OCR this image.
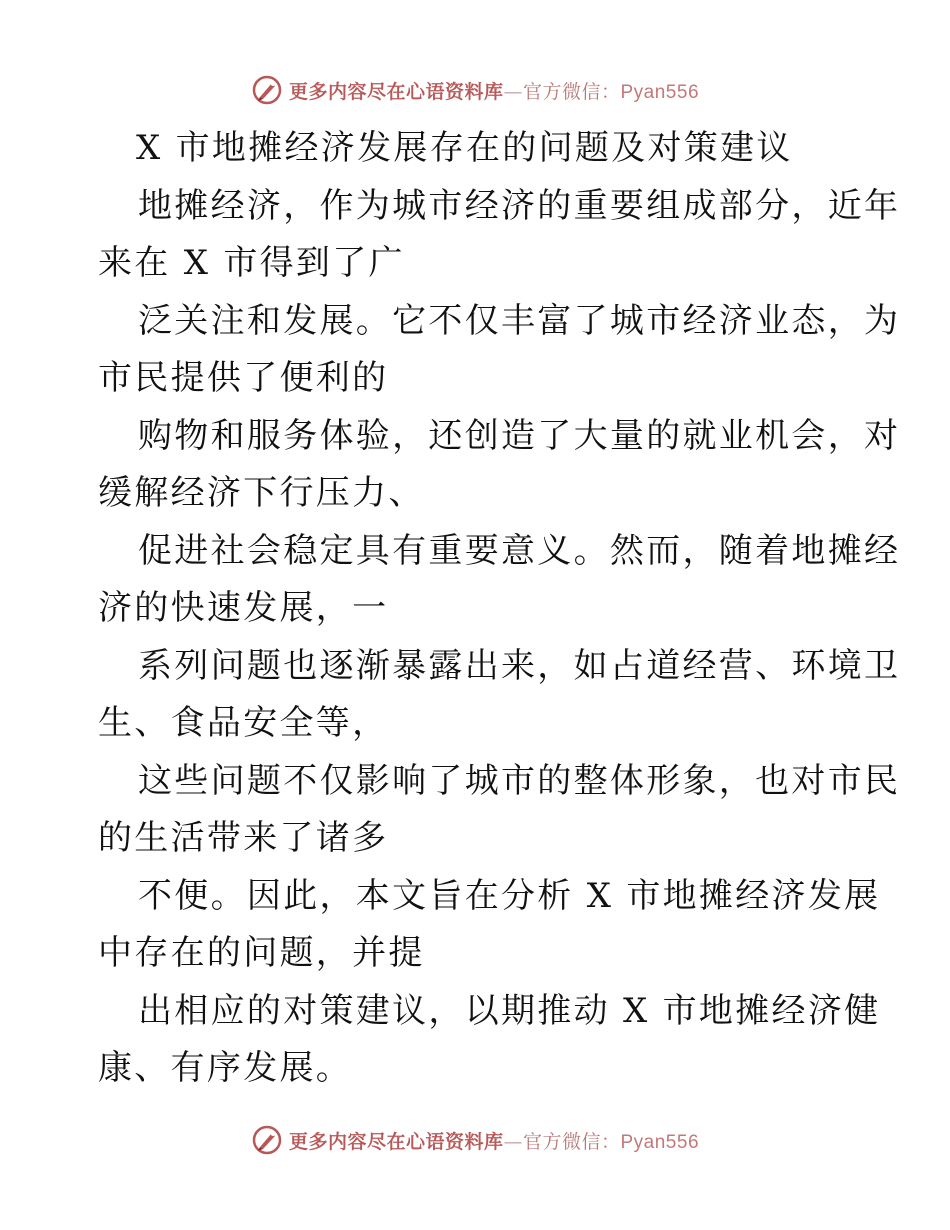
更多内容尽在心语资料库—官方微信：Pyan556
X 市地摊经济发展存在的问题及对策建议
地摊经济，作为城市经济的重要组成部分，近年
来在 X 市得到了广
泛关注和发展。它不仅丰富了城市经济业态，为
市民提供了便利的
购物和服务体验，还创造了大量的就业机会，对
缓解经济下行压力、
促进社会稳定具有重要意义。然而，随着地摊经
济的快速发展，一
系列问题也逐渐暴露出来，如占道经营、环境卫
生、食品安全等，
这些问题不仅影响了城市的整体形象，也对市民
的生活带来了诸多
不便。因此，本文旨在分析 X 市地摊经济发展
中存在的问题，并提
出相应的对策建议，以期推动 X 市地摊经济健
康、有序发展。
更多内容尽在心语资料库—官方微信：Pyan556
